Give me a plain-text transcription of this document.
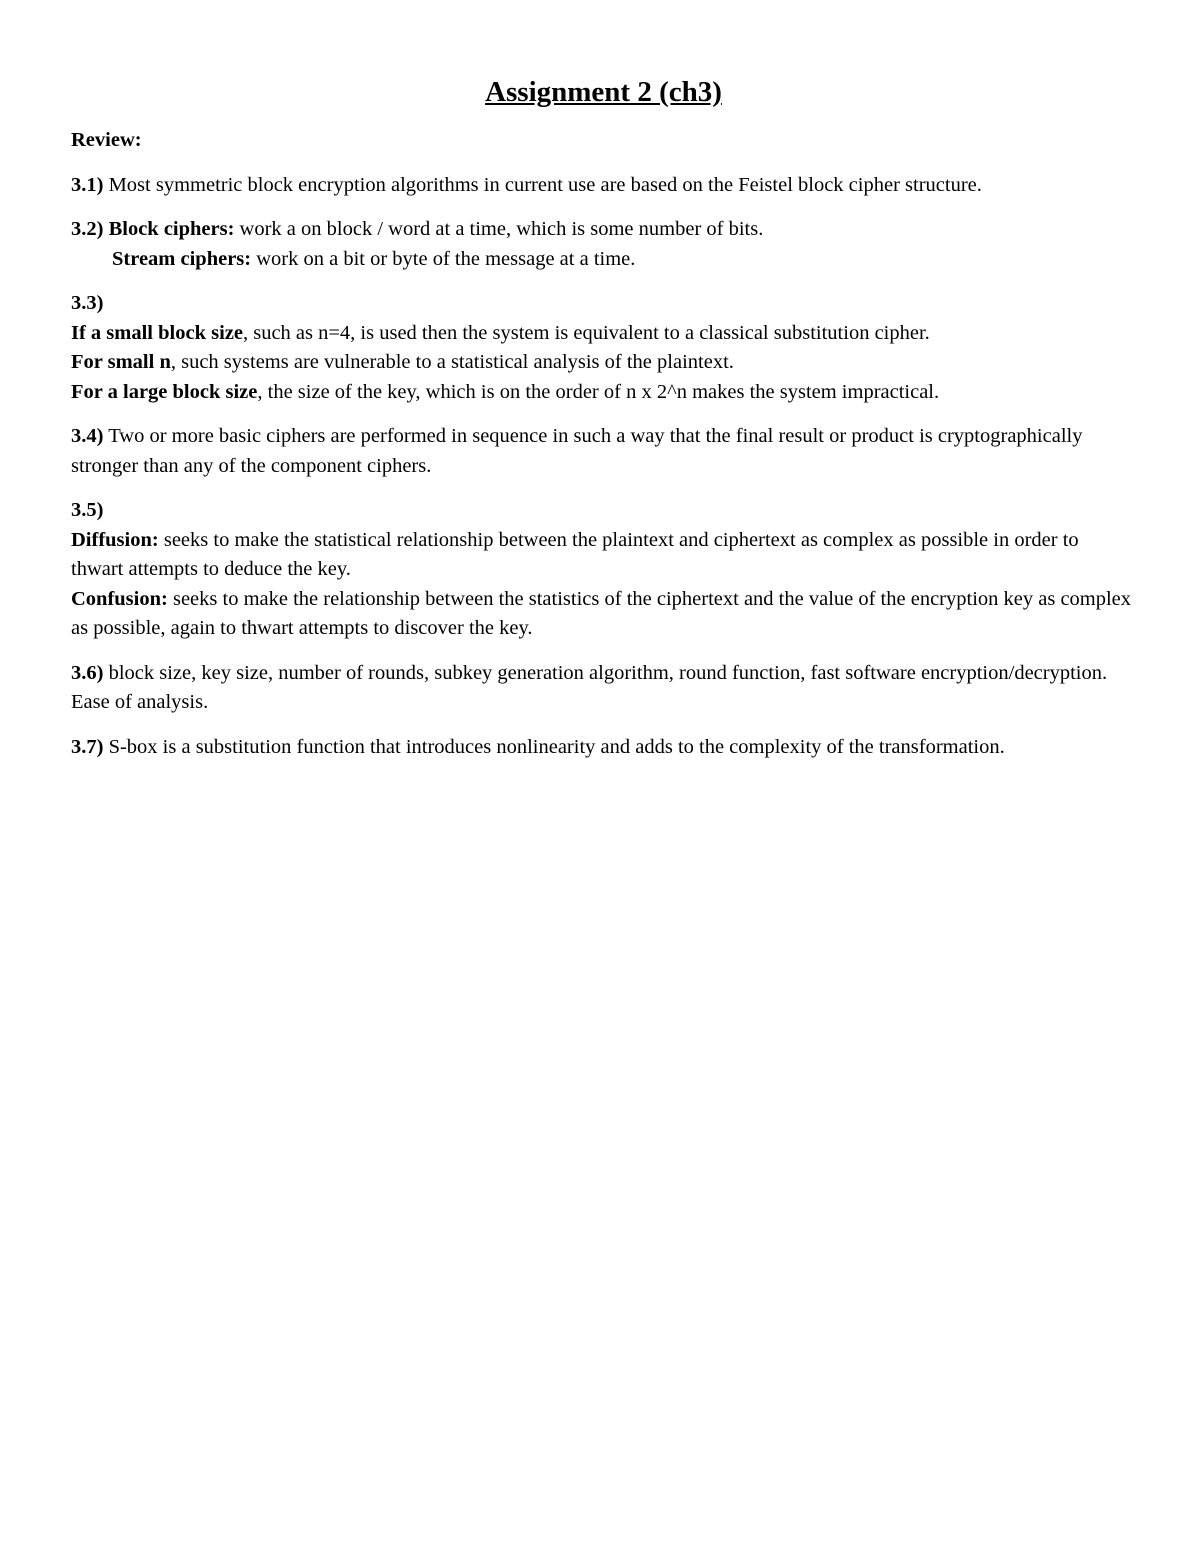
Assignment 2 (ch3)
Review:
3.1) Most symmetric block encryption algorithms in current use are based on the Feistel block cipher structure.
3.2) Block ciphers: work a on block / word at a time, which is some number of bits.
Stream ciphers: work on a bit or byte of the message at a time.
3.3)
If a small block size, such as n=4, is used then the system is equivalent to a classical substitution cipher.
For small n, such systems are vulnerable to a statistical analysis of the plaintext.
For a large block size, the size of the key, which is on the order of n x 2^n makes the system impractical.
3.4) Two or more basic ciphers are performed in sequence in such a way that the final result or product is cryptographically stronger than any of the component ciphers.
3.5)
Diffusion: seeks to make the statistical relationship between the plaintext and ciphertext as complex as possible in order to thwart attempts to deduce the key.
Confusion: seeks to make the relationship between the statistics of the ciphertext and the value of the encryption key as complex as possible, again to thwart attempts to discover the key.
3.6) block size, key size, number of rounds, subkey generation algorithm, round function, fast software encryption/decryption. Ease of analysis.
3.7) S-box is a substitution function that introduces nonlinearity and adds to the complexity of the transformation.
